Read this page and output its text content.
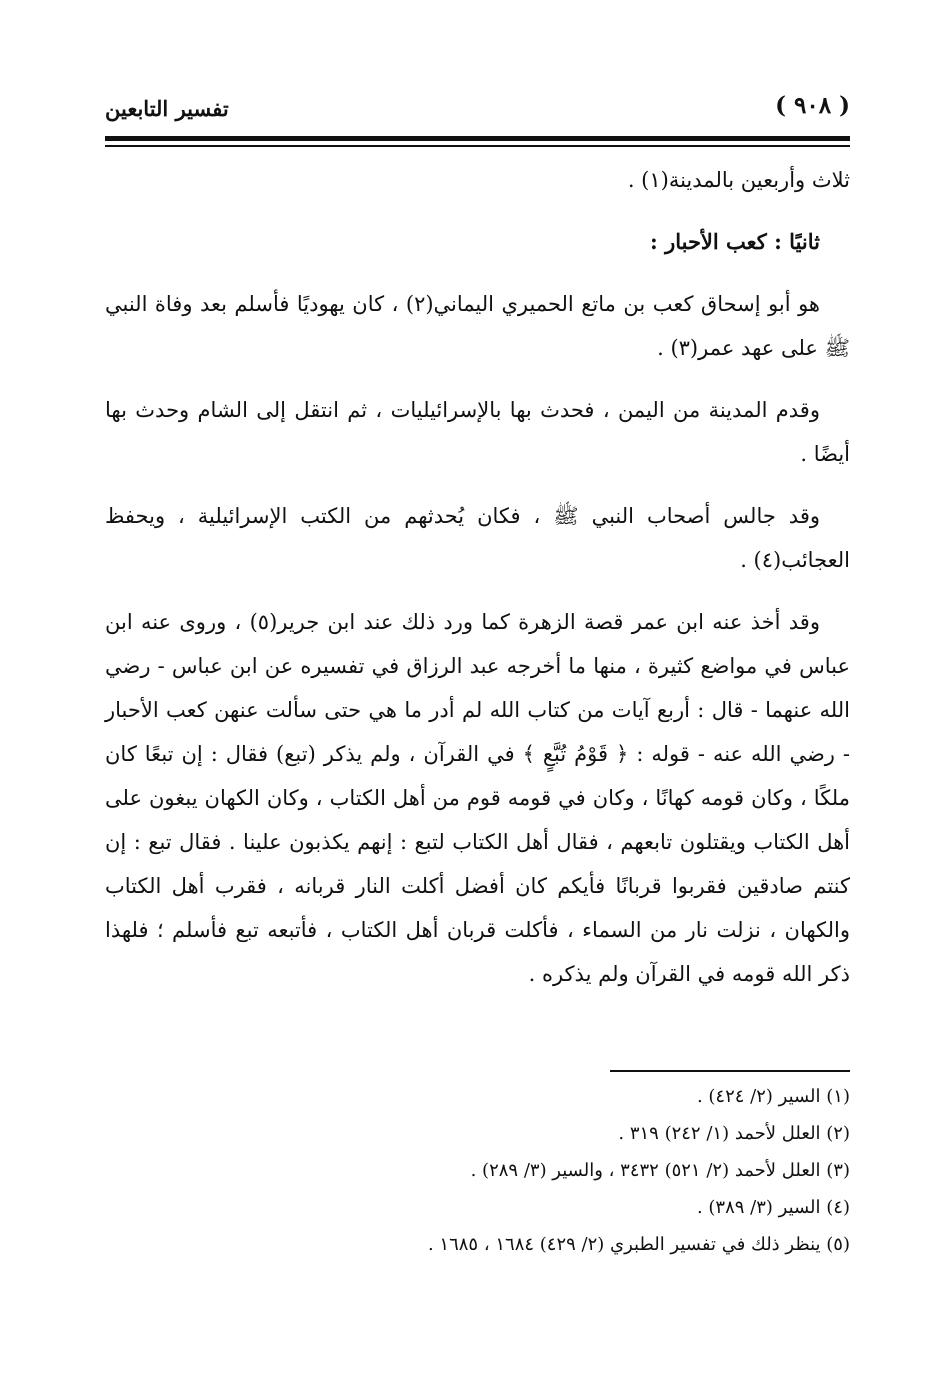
( ٩٠٨ )
تفسير التابعين

ثلاث وأربعين بالمدينة(١) .

ثانيًا : كعب الأحبار :

هو أبو إسحاق كعب بن ماتع الحميري اليماني(٢) ، كان يهوديًا فأسلم بعد وفاة النبي ﷺ على عهد عمر(٣) .

وقدم المدينة من اليمن ، فحدث بها بالإسرائيليات ، ثم انتقل إلى الشام وحدث بها أيضًا .

وقد جالس أصحاب النبي ﷺ ، فكان يُحدثهم من الكتب الإسرائيلية ، ويحفظ العجائب(٤) .

وقد أخذ عنه ابن عمر قصة الزهرة كما ورد ذلك عند ابن جرير(٥) ، وروى عنه ابن عباس في مواضع كثيرة ، منها ما أخرجه عبد الرزاق في تفسيره عن ابن عباس - رضي الله عنهما - قال : أربع آيات من كتاب الله لم أدر ما هي حتى سألت عنهن كعب الأحبار - رضي الله عنه - قوله : ﴿ قَوْمُ تُبَّعٍ ﴾ في القرآن ، ولم يذكر (تبع) فقال : إن تبعًا كان ملكًا ، وكان قومه كهانًا ، وكان في قومه قوم من أهل الكتاب ، وكان الكهان يبغون على أهل الكتاب ويقتلون تابعهم ، فقال أهل الكتاب لتبع : إنهم يكذبون علينا . فقال تبع : إن كنتم صادقين فقربوا قربانًا فأيكم كان أفضل أكلت النار قربانه ، فقرب أهل الكتاب والكهان ، نزلت نار من السماء ، فأكلت قربان أهل الكتاب ، فأتبعه تبع فأسلم ؛ فلهذا ذكر الله قومه في القرآن ولم يذكره .

(١) السير (٢/ ٤٢٤) .
(٢) العلل لأحمد (١/ ٢٤٢) ٣١٩ .
(٣) العلل لأحمد (٢/ ٥٢١) ٣٤٣٢ ، والسير (٣/ ٢٨٩) .
(٤) السير (٣/ ٣٨٩) .
(٥) ينظر ذلك في تفسير الطبري (٢/ ٤٢٩) ١٦٨٤ ، ١٦٨٥ .
